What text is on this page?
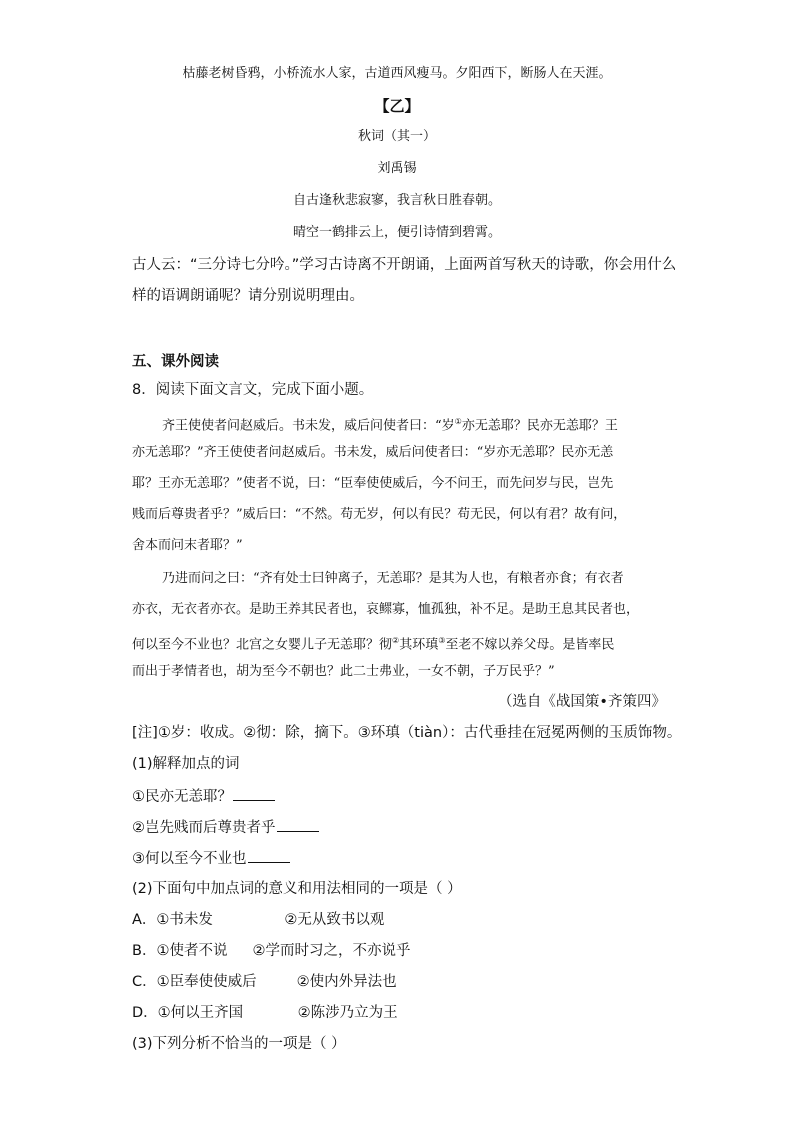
枯藤老树昏鸦，小桥流水人家，古道西风瘦马。夕阳西下，断肠人在天涯。
【乙】
秋词（其一）
刘禹锡
自古逢秋悲寂寥，我言秋日胜春朝。
晴空一鹤排云上，便引诗情到碧霄。
古人云：“三分诗七分吟。”学习古诗离不开朗诵，上面两首写秋天的诗歌，你会用什么
样的语调朗诵呢？请分别说明理由。
五、课外阅读
8．阅读下面文言文，完成下面小题。
齐王使使者问赵威后。书未发，威后问使者曰：“岁①亦无恙耶？民亦无恙耶？王
亦无恙耶？”齐王使使者问赵威后。书未发，威后问使者曰：“岁亦无恙耶？民亦无恙
耶？王亦无恙耶？”使者不说，曰：“臣奉使使威后，今不问王，而先问岁与民，岂先
贱而后尊贵者乎？”威后曰：“不然。苟无岁，何以有民？苟无民，何以有君？故有问，
舍本而问末者耶？”
乃进而问之曰：“齐有处士曰钟离子，无恙耶？是其为人也，有粮者亦食；有衣者
亦衣，无衣者亦衣。是助王养其民者也，哀鳏寡，恤孤独，补不足。是助王息其民者也，
何以至今不业也？北宫之女婴儿子无恙耶？彻②其环瑱③至老不嫁以养父母。是皆率民
而出于孝情者也，胡为至今不朝也？此二士弗业，一女不朝，子万民乎？”
（选自《战国策•齐策四》
[注]①岁：收成。②彻：除，摘下。③环瑱（tiàn）：古代垂挂在冠冕两侧的玉质饰物。
(1)解释加点的词
①民亦无恙耶？
②岂先贱而后尊贵者乎
③何以至今不业也
(2)下面句中加点词的意义和用法相同的一项是（ ）
A．①书未发	②无从致书以观
B．①使者不说 ②学而时习之，不亦说乎
C．①臣奉使使威后	②使内外异法也
D．①何以王齐国	②陈涉乃立为王
(3)下列分析不恰当的一项是（ ）
